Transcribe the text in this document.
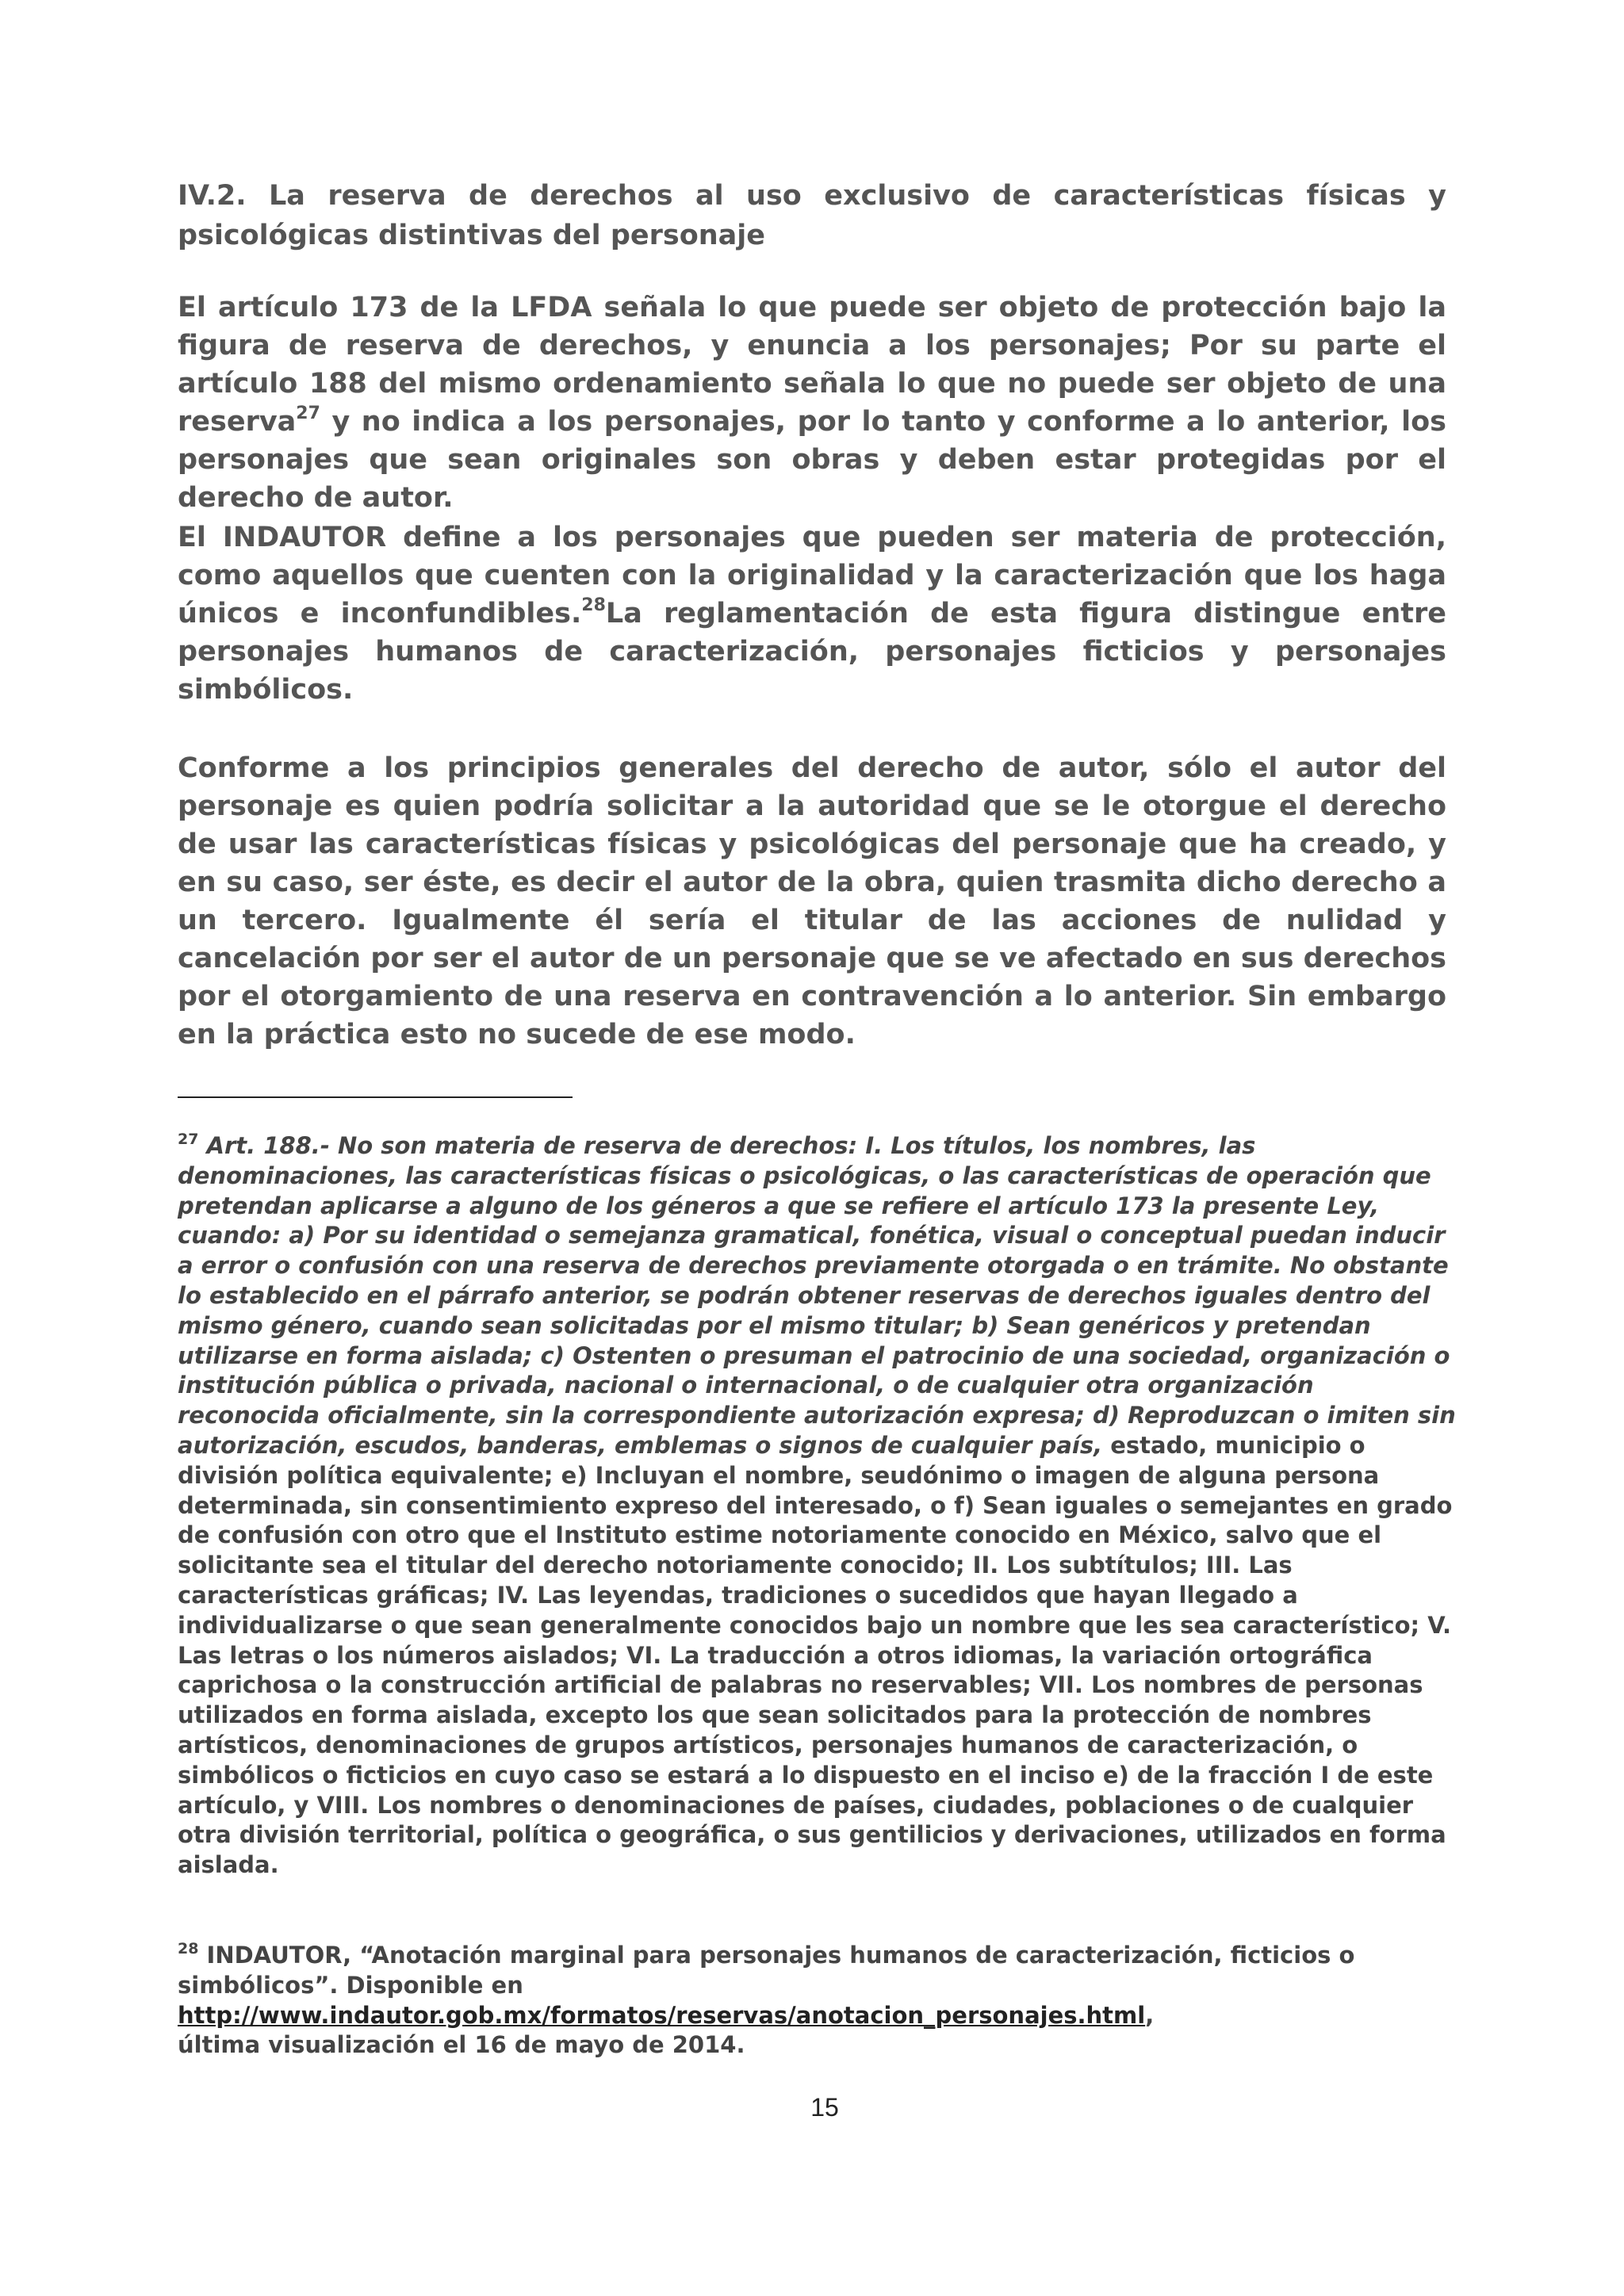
IV.2. La reserva de derechos al uso exclusivo de características físicas y psicológicas distintivas del personaje

El artículo 173 de la LFDA señala lo que puede ser objeto de protección bajo la figura de reserva de derechos, y enuncia a los personajes; Por su parte el artículo 188 del mismo ordenamiento señala lo que no puede ser objeto de una reserva$^{27}$ y no indica a los personajes, por lo tanto y conforme a lo anterior, los personajes que sean originales son obras y deben estar protegidas por el derecho de autor.

El INDAUTOR define a los personajes que pueden ser materia de protección, como aquellos que cuenten con la originalidad y la caracterización que los haga únicos e inconfundibles.$^{28}$La reglamentación de esta figura distingue entre personajes humanos de caracterización, personajes ficticios y personajes simbólicos.

Conforme a los principios generales del derecho de autor, sólo el autor del personaje es quien podría solicitar a la autoridad que se le otorgue el derecho de usar las características físicas y psicológicas del personaje que ha creado, y en su caso, ser éste, es decir el autor de la obra, quien trasmita dicho derecho a un tercero. Igualmente él sería el titular de las acciones de nulidad y cancelación por ser el autor de un personaje que se ve afectado en sus derechos por el otorgamiento de una reserva en contravención a lo anterior. Sin embargo en la práctica esto no sucede de ese modo.

$^{27}$ Art. 188.- No son materia de reserva de derechos: I. Los títulos, los nombres, las denominaciones, las características físicas o psicológicas, o las características de operación que pretendan aplicarse a alguno de los géneros a que se refiere el artículo 173 la presente Ley, cuando: a) Por su identidad o semejanza gramatical, fonética, visual o conceptual puedan inducir a error o confusión con una reserva de derechos previamente otorgada o en trámite. No obstante lo establecido en el párrafo anterior, se podrán obtener reservas de derechos iguales dentro del mismo género, cuando sean solicitadas por el mismo titular; b) Sean genéricos y pretendan utilizarse en forma aislada; c) Ostenten o presuman el patrocinio de una sociedad, organización o institución pública o privada, nacional o internacional, o de cualquier otra organización reconocida oficialmente, sin la correspondiente autorización expresa; d) Reproduzcan o imiten sin autorización, escudos, banderas, emblemas o signos de cualquier país, estado, municipio o división política equivalente; e) Incluyan el nombre, seudónimo o imagen de alguna persona determinada, sin consentimiento expreso del interesado, o f) Sean iguales o semejantes en grado de confusión con otro que el Instituto estime notoriamente conocido en México, salvo que el solicitante sea el titular del derecho notoriamente conocido; II. Los subtítulos; III. Las características gráficas; IV. Las leyendas, tradiciones o sucedidos que hayan llegado a individualizarse o que sean generalmente conocidos bajo un nombre que les sea característico; V. Las letras o los números aislados; VI. La traducción a otros idiomas, la variación ortográfica caprichosa o la construcción artificial de palabras no reservables; VII. Los nombres de personas utilizados en forma aislada, excepto los que sean solicitados para la protección de nombres artísticos, denominaciones de grupos artísticos, personajes humanos de caracterización, o simbólicos o ficticios en cuyo caso se estará a lo dispuesto en el inciso e) de la fracción I de este artículo, y VIII. Los nombres o denominaciones de países, ciudades, poblaciones o de cualquier otra división territorial, política o geográfica, o sus gentilicios y derivaciones, utilizados en forma aislada.

$^{28}$ INDAUTOR, “Anotación marginal para personajes humanos de caracterización, ficticios o simbólicos”. Disponible en
http://www.indautor.gob.mx/formatos/reservas/anotacion_personajes.html,
última visualización el 16 de mayo de 2014.

15
